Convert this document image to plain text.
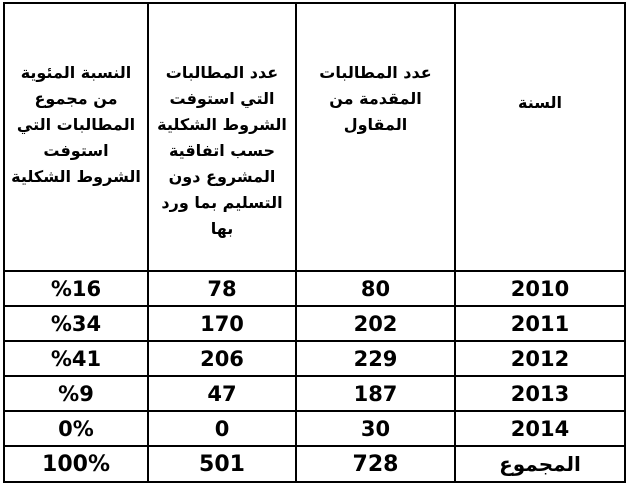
النسبة المئوية من مجموع المطالبات التي استوفت الشروط الشكلية	عدد المطالبات التي استوفت الشروط الشكلية حسب اتفاقية المشروع دون التسليم بما ورد بها	عدد المطالبات المقدمة من المقاول	السنة

%16	78	80	2010
%34	170	202	2011
%41	206	229	2012
%9	47	187	2013
0%	0	30	2014
100%	501	728	المجموع
